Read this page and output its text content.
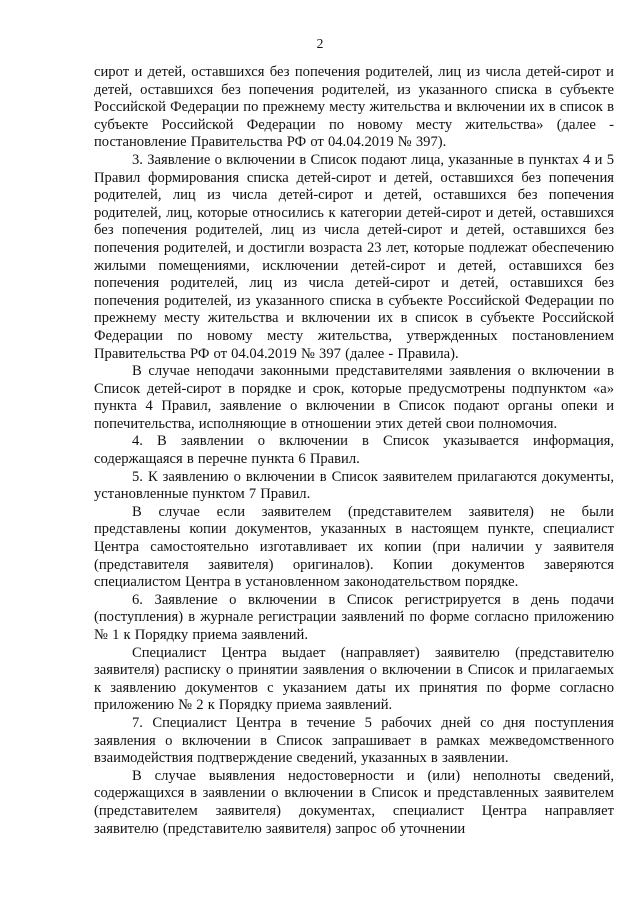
2

сирот и детей, оставшихся без попечения родителей, лиц из числа детей-сирот и детей, оставшихся без попечения родителей, из указанного списка в субъекте Российской Федерации по прежнему месту жительства и включении их в список в субъекте Российской Федерации по новому месту жительства» (далее - постановление Правительства РФ от 04.04.2019 № 397).

3. Заявление о включении в Список подают лица, указанные в пунктах 4 и 5 Правил формирования списка детей-сирот и детей, оставшихся без попечения родителей, лиц из числа детей-сирот и детей, оставшихся без попечения родителей, лиц, которые относились к категории детей-сирот и детей, оставшихся без попечения родителей, лиц из числа детей-сирот и детей, оставшихся без попечения родителей, и достигли возраста 23 лет, которые подлежат обеспечению жилыми помещениями, исключении детей-сирот и детей, оставшихся без попечения родителей, лиц из числа детей-сирот и детей, оставшихся без попечения родителей, из указанного списка в субъекте Российской Федерации по прежнему месту жительства и включении их в список в субъекте Российской Федерации по новому месту жительства, утвержденных постановлением Правительства РФ от 04.04.2019 № 397 (далее - Правила).

В случае неподачи законными представителями заявления о включении в Список детей-сирот в порядке и срок, которые предусмотрены подпунктом «а» пункта 4 Правил, заявление о включении в Список подают органы опеки и попечительства, исполняющие в отношении этих детей свои полномочия.

4. В заявлении о включении в Список указывается информация, содержащаяся в перечне пункта 6 Правил.

5. К заявлению о включении в Список заявителем прилагаются документы, установленные пунктом 7 Правил.

В случае если заявителем (представителем заявителя) не были представлены копии документов, указанных в настоящем пункте, специалист Центра самостоятельно изготавливает их копии (при наличии у заявителя (представителя заявителя) оригиналов). Копии документов заверяются специалистом Центра в установленном законодательством порядке.

6. Заявление о включении в Список регистрируется в день подачи (поступления) в журнале регистрации заявлений по форме согласно приложению № 1 к Порядку приема заявлений.

Специалист Центра выдает (направляет) заявителю (представителю заявителя) расписку о принятии заявления о включении в Список и прилагаемых к заявлению документов с указанием даты их принятия по форме согласно приложению № 2 к Порядку приема заявлений.

7. Специалист Центра в течение 5 рабочих дней со дня поступления заявления о включении в Список запрашивает в рамках межведомственного взаимодействия подтверждение сведений, указанных в заявлении.

В случае выявления недостоверности и (или) неполноты сведений, содержащихся в заявлении о включении в Список и представленных заявителем (представителем заявителя) документах, специалист Центра направляет заявителю (представителю заявителя) запрос об уточнении
